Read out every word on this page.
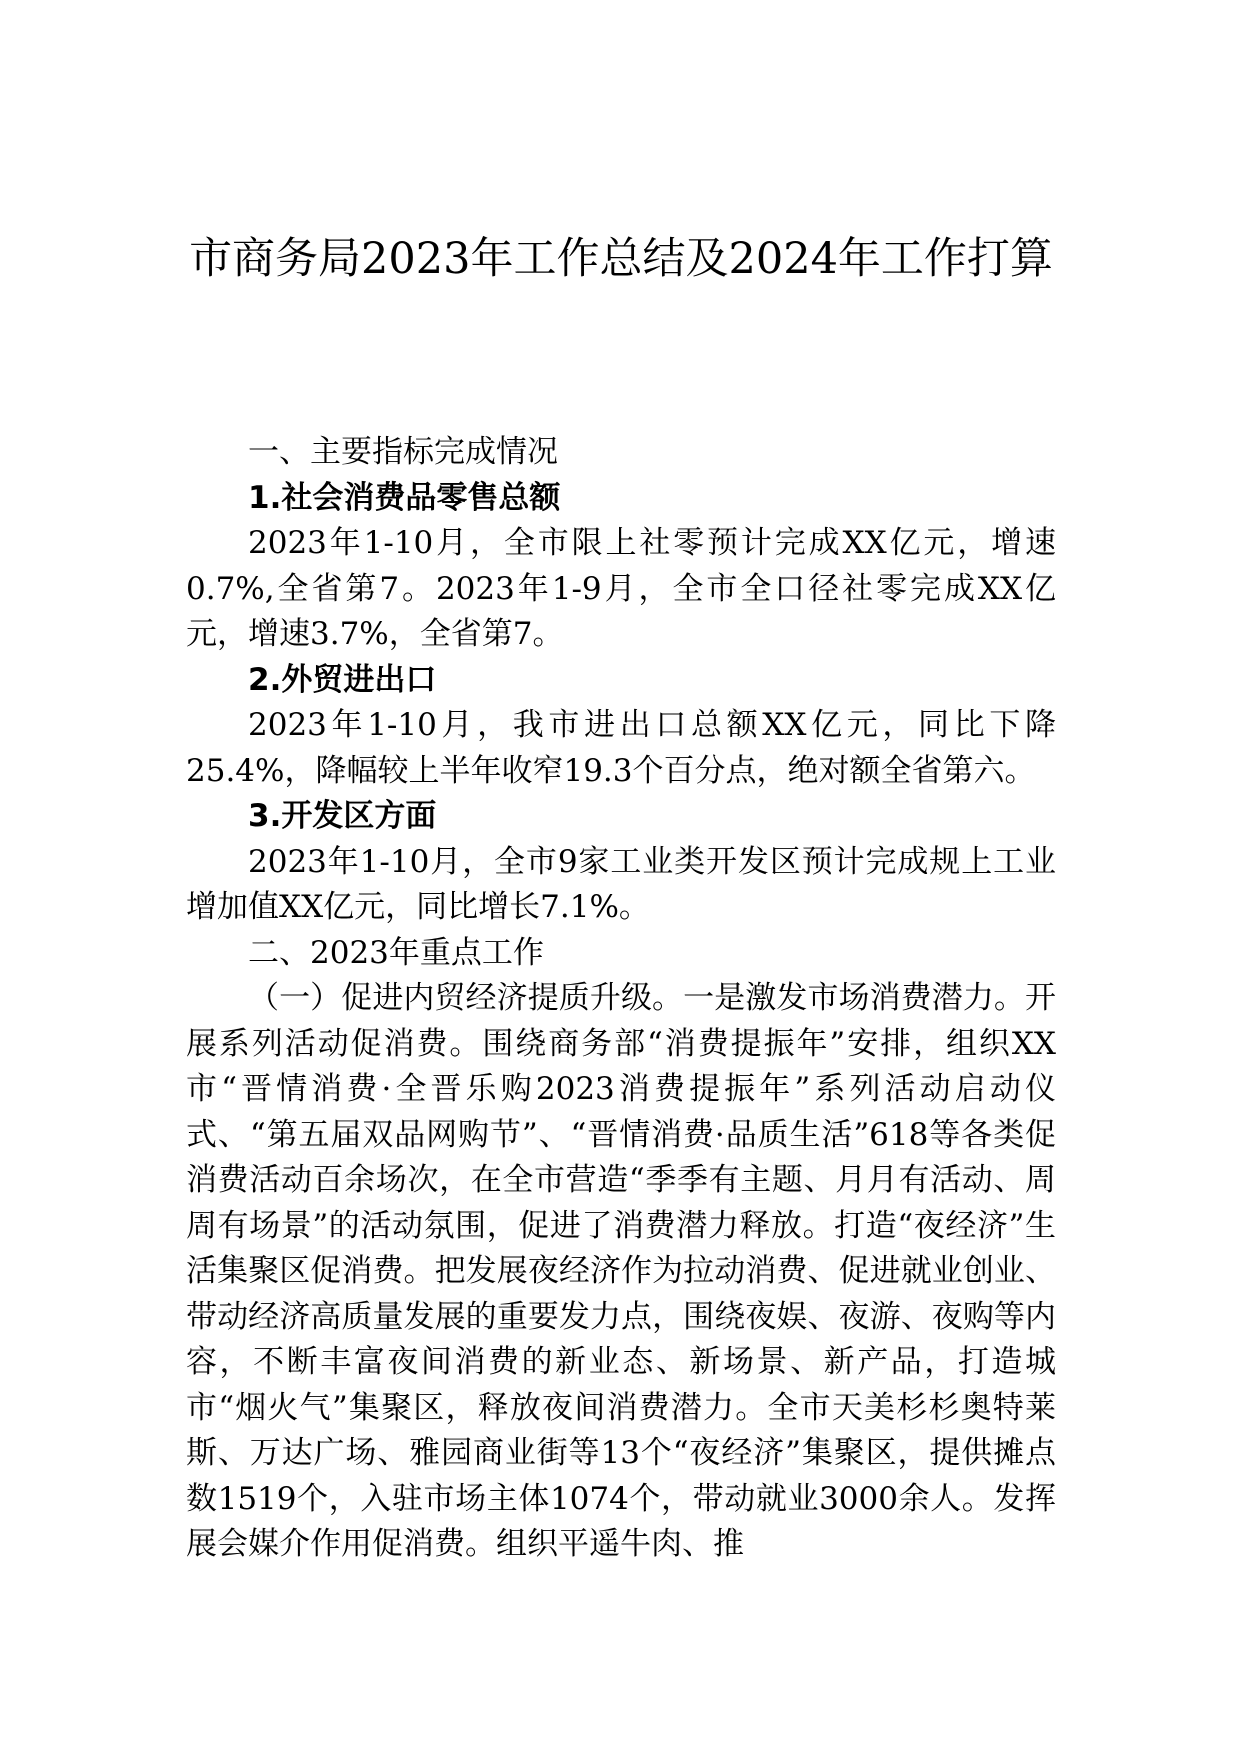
市商务局2023年工作总结及2024年工作打算

一、主要指标完成情况

1.社会消费品零售总额

2023年1-10月，全市限上社零预计完成XX亿元，增速0.7%,全省第7。2023年1-9月，全市全口径社零完成XX亿元，增速3.7%，全省第7。

2.外贸进出口

2023年1-10月，我市进出口总额XX亿元，同比下降25.4%，降幅较上半年收窄19.3个百分点，绝对额全省第六。

3.开发区方面

2023年1-10月，全市9家工业类开发区预计完成规上工业增加值XX亿元，同比增长7.1%。

二、2023年重点工作

（一）促进内贸经济提质升级。一是激发市场消费潜力。开展系列活动促消费。围绕商务部“消费提振年”安排，组织XX市“晋情消费·全晋乐购2023消费提振年”系列活动启动仪式、“第五届双品网购节”、“晋情消费·品质生活”618等各类促消费活动百余场次，在全市营造“季季有主题、月月有活动、周周有场景”的活动氛围，促进了消费潜力释放。打造“夜经济”生活集聚区促消费。把发展夜经济作为拉动消费、促进就业创业、带动经济高质量发展的重要发力点，围绕夜娱、夜游、夜购等内容，不断丰富夜间消费的新业态、新场景、新产品，打造城市“烟火气”集聚区，释放夜间消费潜力。全市天美杉杉奥特莱斯、万达广场、雅园商业街等13个“夜经济”集聚区，提供摊点数1519个，入驻市场主体1074个，带动就业3000余人。发挥展会媒介作用促消费。组织平遥牛肉、推
